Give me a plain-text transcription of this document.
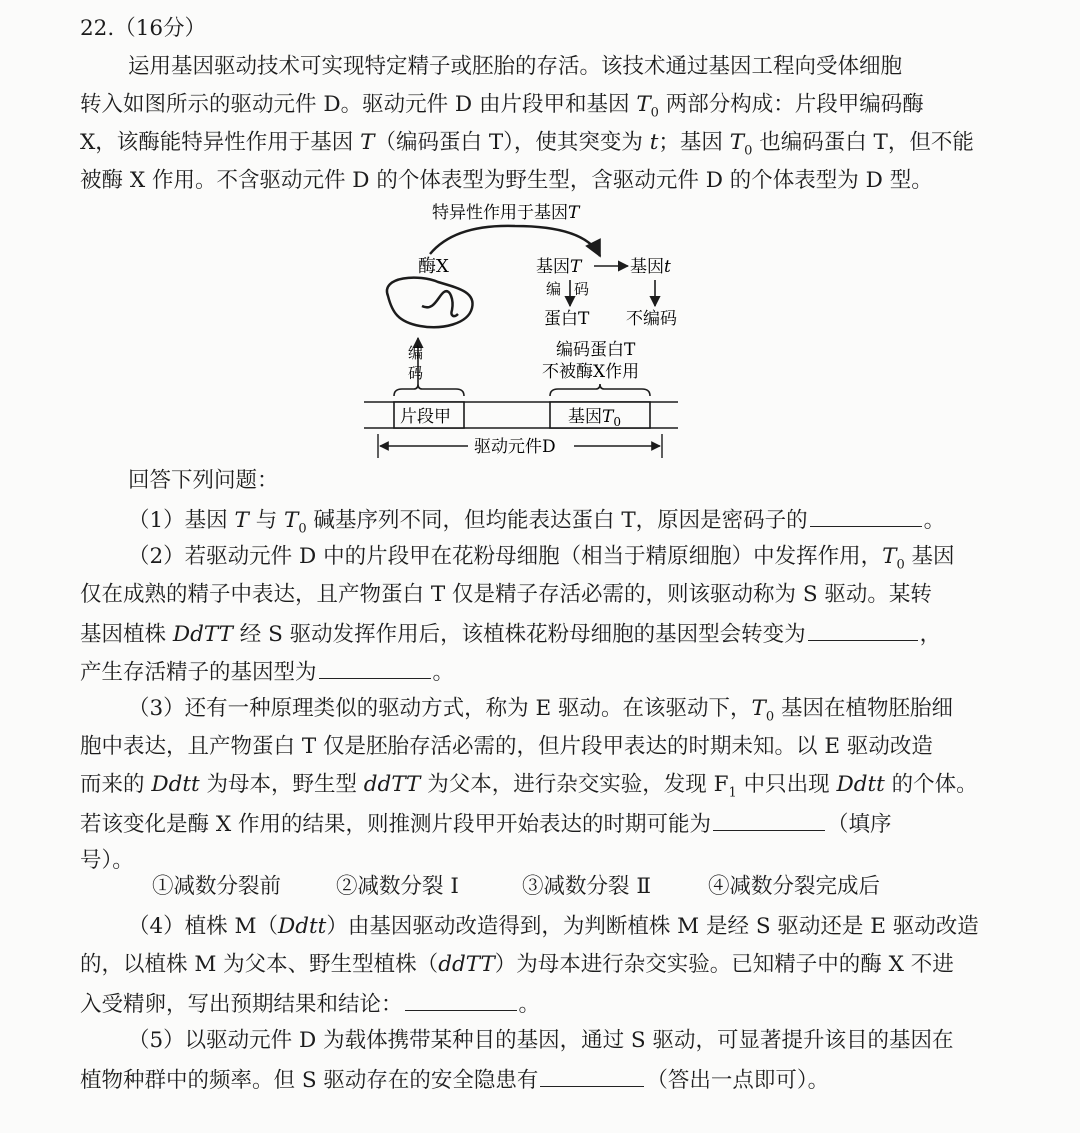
22.（16分）
运用基因驱动技术可实现特定精子或胚胎的存活。该技术通过基因工程向受体细胞
转入如图所示的驱动元件 D。驱动元件 D 由片段甲和基因 $T_0$ 两部分构成：片段甲编码酶
X，该酶能特异性作用于基因 T（编码蛋白 T），使其突变为 t；基因 $T_0$ 也编码蛋白 T，但不能
被酶 X 作用。不含驱动元件 D 的个体表型为野生型，含驱动元件 D 的个体表型为 D 型。
特异性作用于基因T
酶X	基因T	基因t
编 码
蛋白T 不编码
编
码
编码蛋白T
不被酶X作用
片段甲	基因$T_0$
驱动元件D
回答下列问题：
（1）基因 T 与 $T_0$ 碱基序列不同，但均能表达蛋白 T，原因是密码子的	。
（2）若驱动元件 D 中的片段甲在花粉母细胞（相当于精原细胞）中发挥作用，$T_0$ 基因
仅在成熟的精子中表达，且产物蛋白 T 仅是精子存活必需的，则该驱动称为 S 驱动。某转
基因植株 DdTT 经 S 驱动发挥作用后，该植株花粉母细胞的基因型会转变为	，
产生存活精子的基因型为	。
（3）还有一种原理类似的驱动方式，称为 E 驱动。在该驱动下，$T_0$ 基因在植物胚胎细
胞中表达，且产物蛋白 T 仅是胚胎存活必需的，但片段甲表达的时期未知。以 E 驱动改造
而来的 Ddtt 为母本，野生型 ddTT 为父本，进行杂交实验，发现 $F_1$ 中只出现 Ddtt 的个体。
若该变化是酶 X 作用的结果，则推测片段甲开始表达的时期可能为	（填序
号）。
①减数分裂前	②减数分裂 Ⅰ	③减数分裂 Ⅱ	④减数分裂完成后
（4）植株 M（Ddtt）由基因驱动改造得到，为判断植株 M 是经 S 驱动还是 E 驱动改造
的，以植株 M 为父本、野生型植株（ddTT）为母本进行杂交实验。已知精子中的酶 X 不进
入受精卵，写出预期结果和结论：	。
（5）以驱动元件 D 为载体携带某种目的基因，通过 S 驱动，可显著提升该目的基因在
植物种群中的频率。但 S 驱动存在的安全隐患有	（答出一点即可）。
